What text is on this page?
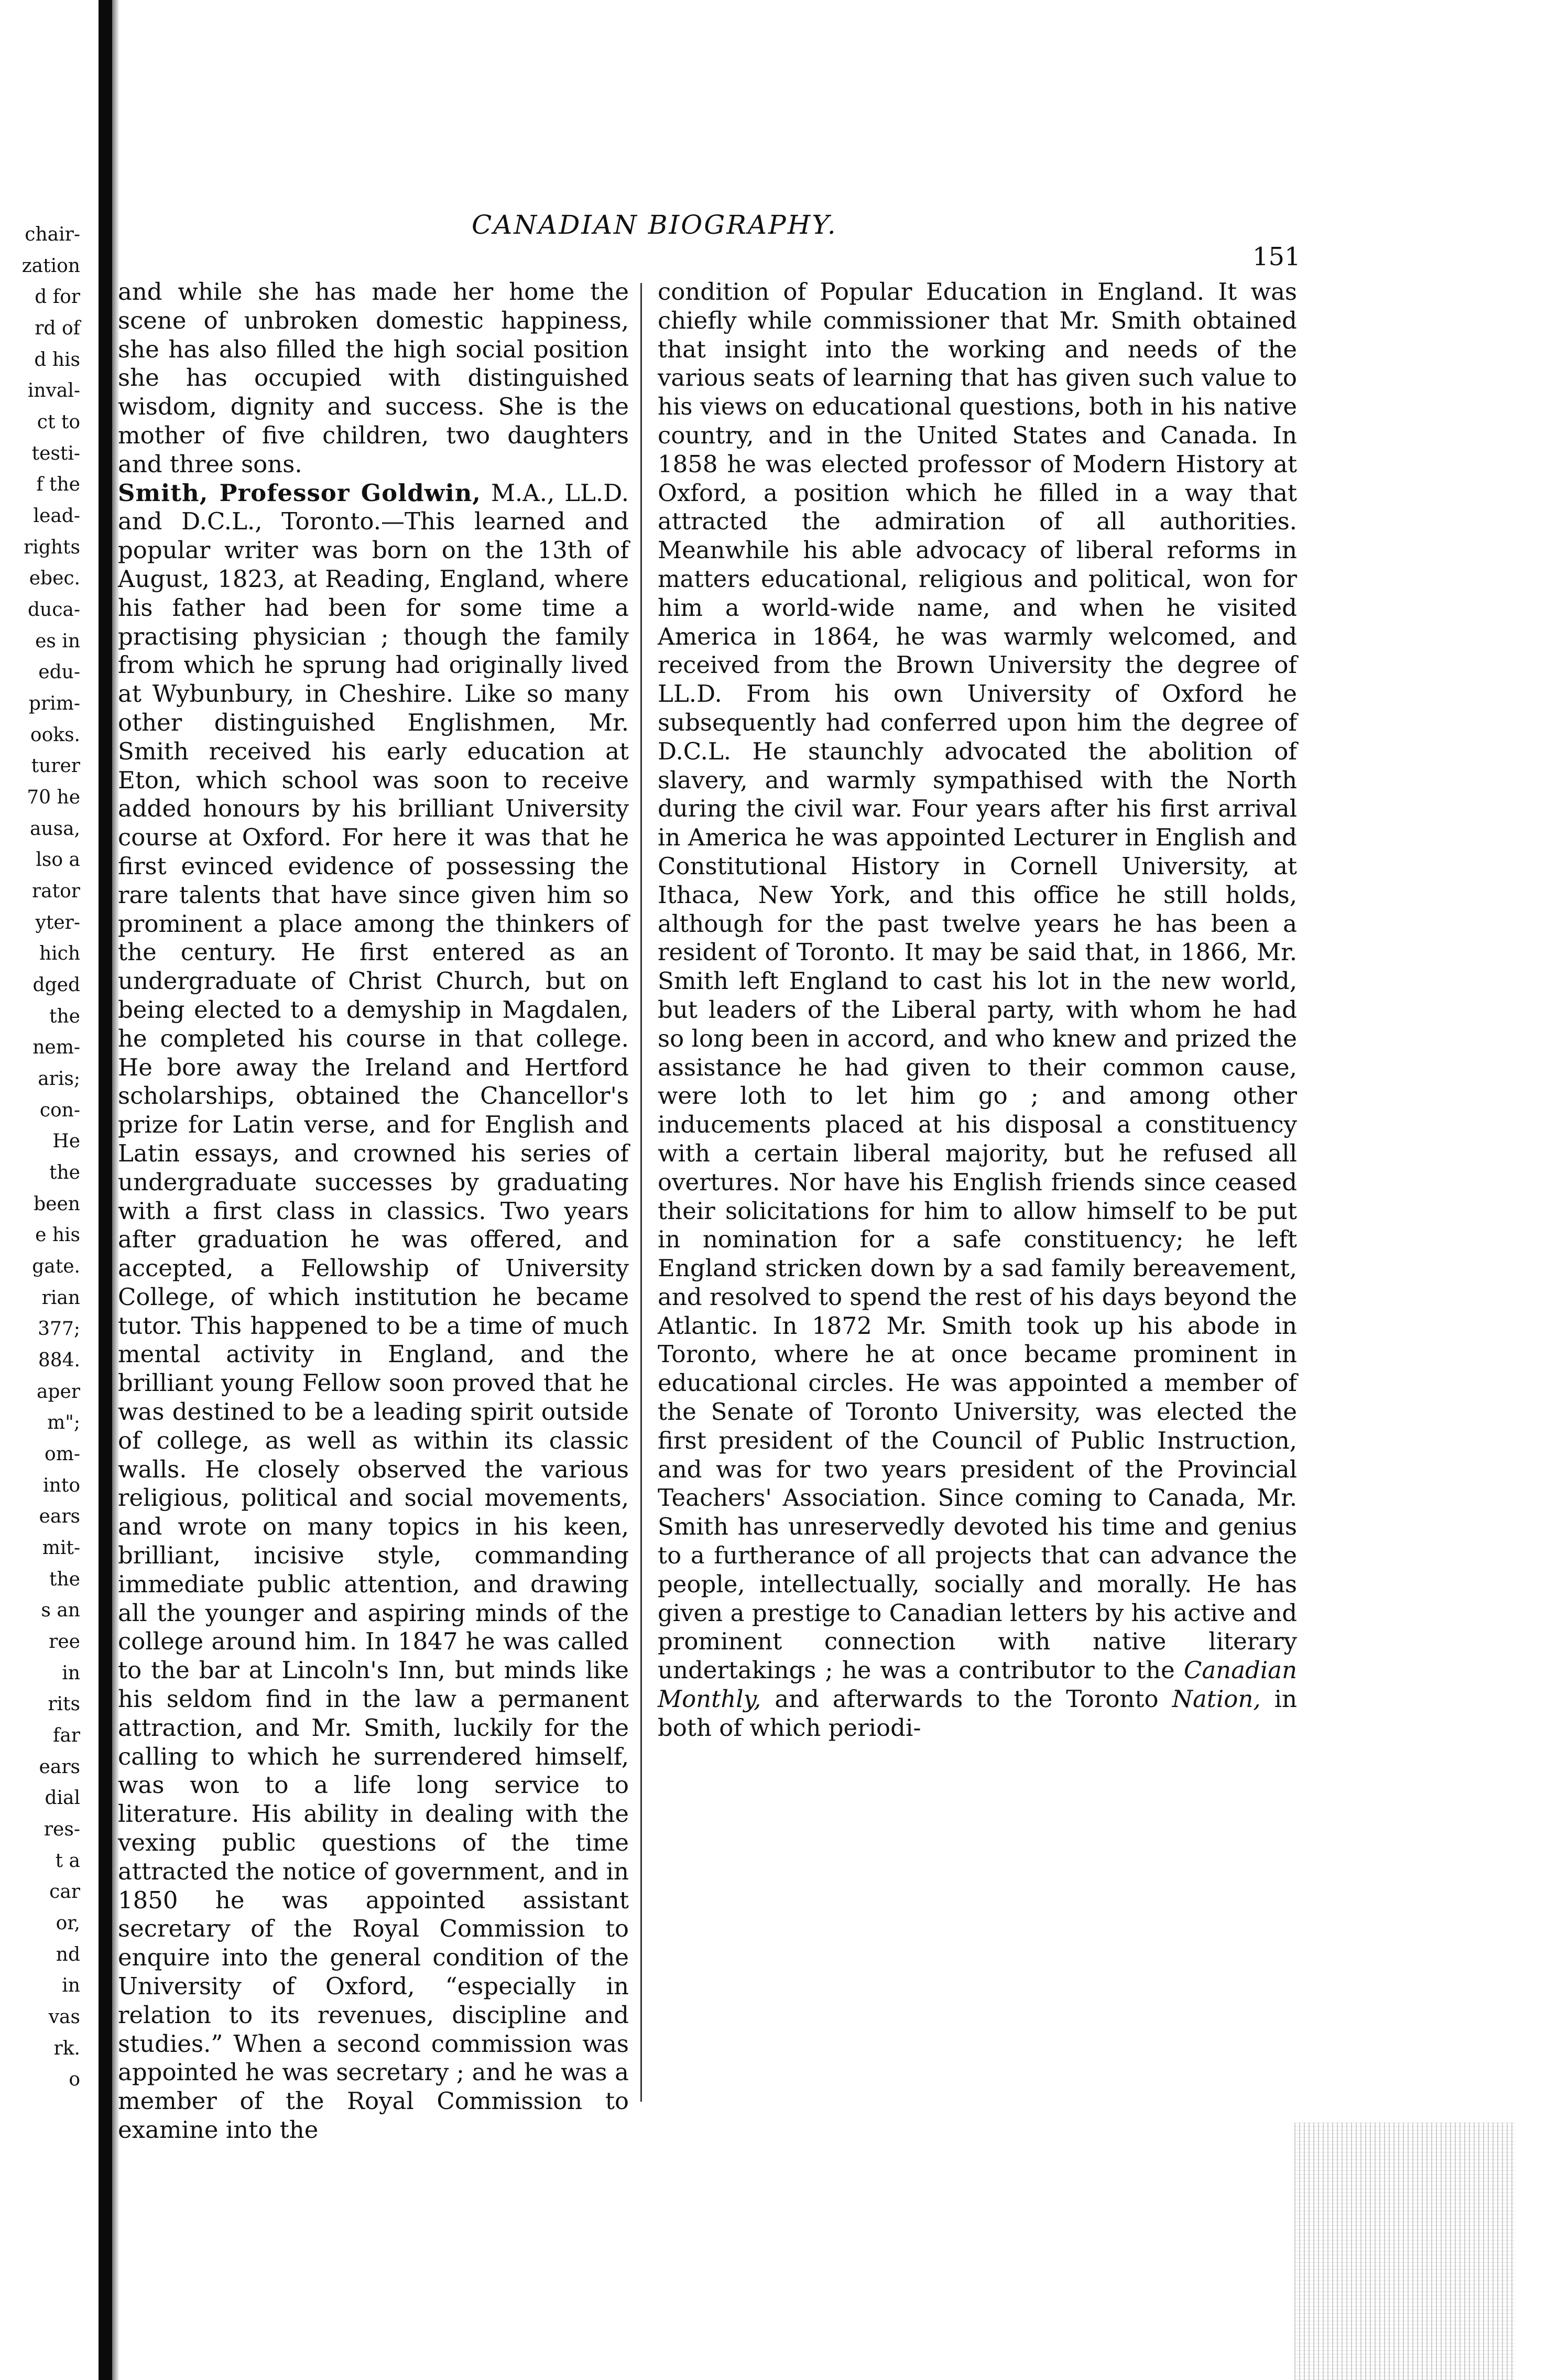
chair-
zation
d for
rd of
d his
inval-
ct to
testi-
f the
lead-
rights
ebec.
duca-
es in
edu-
prim-
ooks.
turer
70 he
ausa,
lso a
rator
yter-
hich
dged
the
nem-
aris;
con-
He
the
been
e his
gate.
rian
377;
884.
aper
m";
om-
into
ears
mit-
the
s an
ree
in
rits
far
ears
dial
res-
t a
car
or,
nd
in
vas
rk.
o
CANADIAN BIOGRAPHY.
151

and while she has made her home the scene of unbroken domestic happiness, she has also filled the high social position she has occupied with distinguished wisdom, dignity and success. She is the mother of five children, two daughters and three sons.

Smith, Professor Goldwin, M.A., LL.D. and D.C.L., Toronto.—This learned and popular writer was born on the 13th of August, 1823, at Reading, England, where his father had been for some time a practising physician ; though the family from which he sprung had originally lived at Wybunbury, in Cheshire. Like so many other distinguished Englishmen, Mr. Smith received his early education at Eton, which school was soon to receive added honours by his brilliant University course at Oxford. For here it was that he first evinced evidence of possessing the rare talents that have since given him so prominent a place among the thinkers of the century. He first entered as an undergraduate of Christ Church, but on being elected to a demyship in Magdalen, he completed his course in that college. He bore away the Ireland and Hertford scholarships, obtained the Chancellor's prize for Latin verse, and for English and Latin essays, and crowned his series of undergraduate successes by graduating with a first class in classics. Two years after graduation he was offered, and accepted, a Fellowship of University College, of which institution he became tutor. This happened to be a time of much mental activity in England, and the brilliant young Fellow soon proved that he was destined to be a leading spirit outside of college, as well as within its classic walls. He closely observed the various religious, political and social movements, and wrote on many topics in his keen, brilliant, incisive style, commanding immediate public attention, and drawing all the younger and aspiring minds of the college around him. In 1847 he was called to the bar at Lincoln's Inn, but minds like his seldom find in the law a permanent attraction, and Mr. Smith, luckily for the calling to which he surrendered himself, was won to a life long service to literature. His ability in dealing with the vexing public questions of the time attracted the notice of government, and in 1850 he was appointed assistant secretary of the Royal Commission to enquire into the general condition of the University of Oxford, “especially in relation to its revenues, discipline and studies.” When a second commission was appointed he was secretary ; and he was a member of the Royal Commission to examine into the

condition of Popular Education in England. It was chiefly while commissioner that Mr. Smith obtained that insight into the working and needs of the various seats of learning that has given such value to his views on educational questions, both in his native country, and in the United States and Canada. In 1858 he was elected professor of Modern History at Oxford, a position which he filled in a way that attracted the admiration of all authorities. Meanwhile his able advocacy of liberal reforms in matters educational, religious and political, won for him a world-wide name, and when he visited America in 1864, he was warmly welcomed, and received from the Brown University the degree of LL.D. From his own University of Oxford he subsequently had conferred upon him the degree of D.C.L. He staunchly advocated the abolition of slavery, and warmly sympathised with the North during the civil war. Four years after his first arrival in America he was appointed Lecturer in English and Constitutional History in Cornell University, at Ithaca, New York, and this office he still holds, although for the past twelve years he has been a resident of Toronto. It may be said that, in 1866, Mr. Smith left England to cast his lot in the new world, but leaders of the Liberal party, with whom he had so long been in accord, and who knew and prized the assistance he had given to their common cause, were loth to let him go ; and among other inducements placed at his disposal a constituency with a certain liberal majority, but he refused all overtures. Nor have his English friends since ceased their solicitations for him to allow himself to be put in nomination for a safe constituency; he left England stricken down by a sad family bereavement, and resolved to spend the rest of his days beyond the Atlantic. In 1872 Mr. Smith took up his abode in Toronto, where he at once became prominent in educational circles. He was appointed a member of the Senate of Toronto University, was elected the first president of the Council of Public Instruction, and was for two years president of the Provincial Teachers' Association. Since coming to Canada, Mr. Smith has unreservedly devoted his time and genius to a furtherance of all projects that can advance the people, intellectually, socially and morally. He has given a prestige to Canadian letters by his active and prominent connection with native literary undertakings ; he was a contributor to the Canadian Monthly, and afterwards to the Toronto Nation, in both of which periodi-
